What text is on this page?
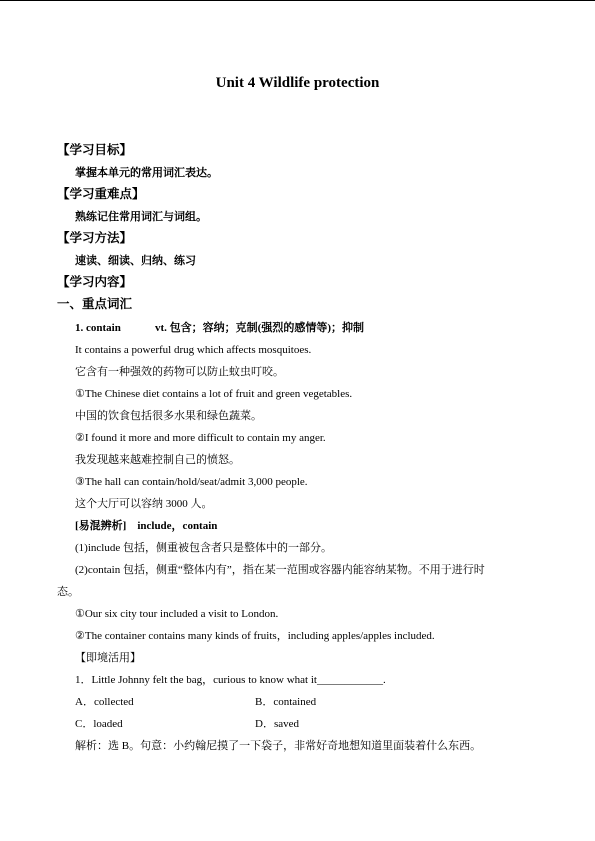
Unit 4 Wildlife protection
【学习目标】
掌握本单元的常用词汇表达。
【学习重难点】
熟练记住常用词汇与词组。
【学习方法】
速读、细读、归纳、练习
【学习内容】
一、重点词汇
1. contain	vt. 包含；容纳；克制(强烈的感情等)；抑制
It contains a powerful drug which affects mosquitoes.
它含有一种强效的药物可以防止蚊虫叮咬。
①The Chinese diet contains a lot of fruit and green vegetables.
中国的饮食包括很多水果和绿色蔬菜。
②I found it more and more difficult to contain my anger.
我发现越来越难控制自己的愤怒。
③The hall can contain/hold/seat/admit 3,000 people.
这个大厅可以容纳 3000 人。
[易混辨析]　include，contain
(1)include 包括，侧重被包含者只是整体中的一部分。
(2)contain 包括，侧重“整体内有”，指在某一范围或容器内能容纳某物。不用于进行时
态。
①Our six city tour included a visit to London.
②The container contains many kinds of fruits，including apples/apples included.
【即境活用】
1．Little Johnny felt the bag，curious to know what it____________.
A．collected	B．contained
C．loaded	D．saved
解析：选 B。句意：小约翰尼摸了一下袋子，非常好奇地想知道里面装着什么东西。
